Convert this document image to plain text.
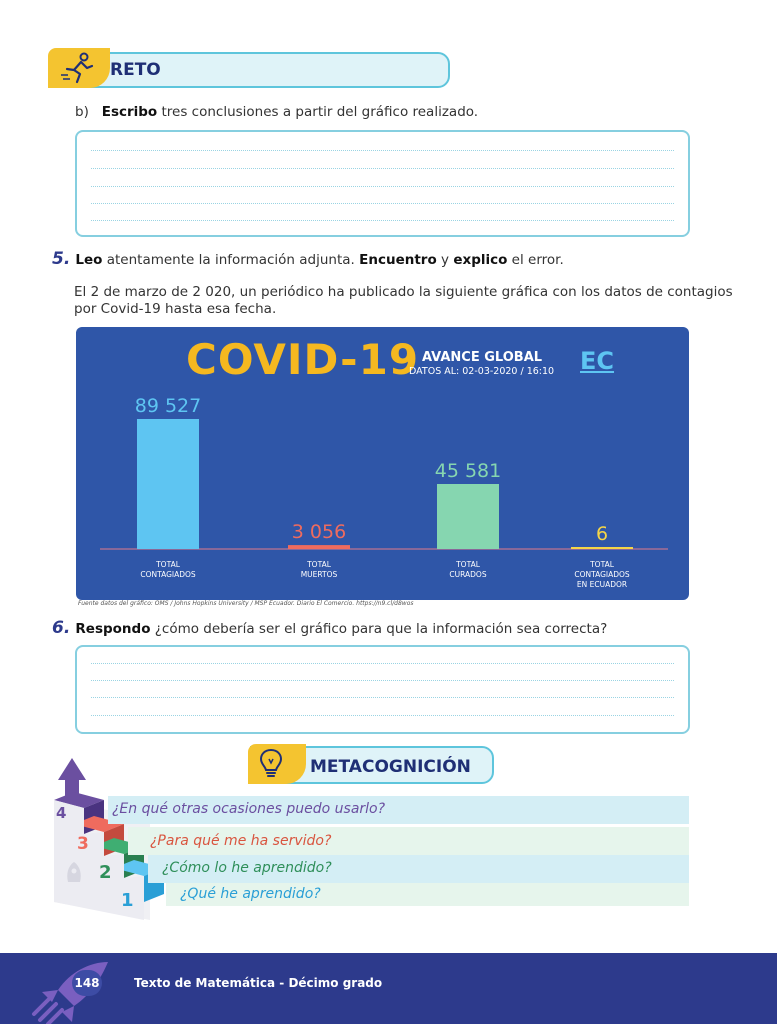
RETO
b) Escribo tres conclusiones a partir del gráfico realizado.
5. Leo atentamente la información adjunta. Encuentro y explico el error.
El 2 de marzo de 2 020, un periódico ha publicado la siguiente gráfica con los datos de contagios
por Covid-19 hasta esa fecha.
COVID-19 AVANCE GLOBAL
DATOS AL: 02-03-2020 / 16:10 EC
89 527
TOTAL
CONTAGIADOS
3 056
TOTAL
MUERTOS
45 581
TOTAL
CURADOS
6
TOTAL
CONTAGIADOS
EN ECUADOR
Fuente datos del gráfico: OMS / Johns Hopkins University / MSP Ecuador. Diario El Comercio. https://n9.cl/d8wos
6. Respondo ¿cómo debería ser el gráfico para que la información sea correcta?
METACOGNICIÓN
4
3
2
1
¿En qué otras ocasiones puedo usarlo?
¿Para qué me ha servido?
¿Cómo lo he aprendido?
¿Qué he aprendido?
148	Texto de Matemática - Décimo grado
